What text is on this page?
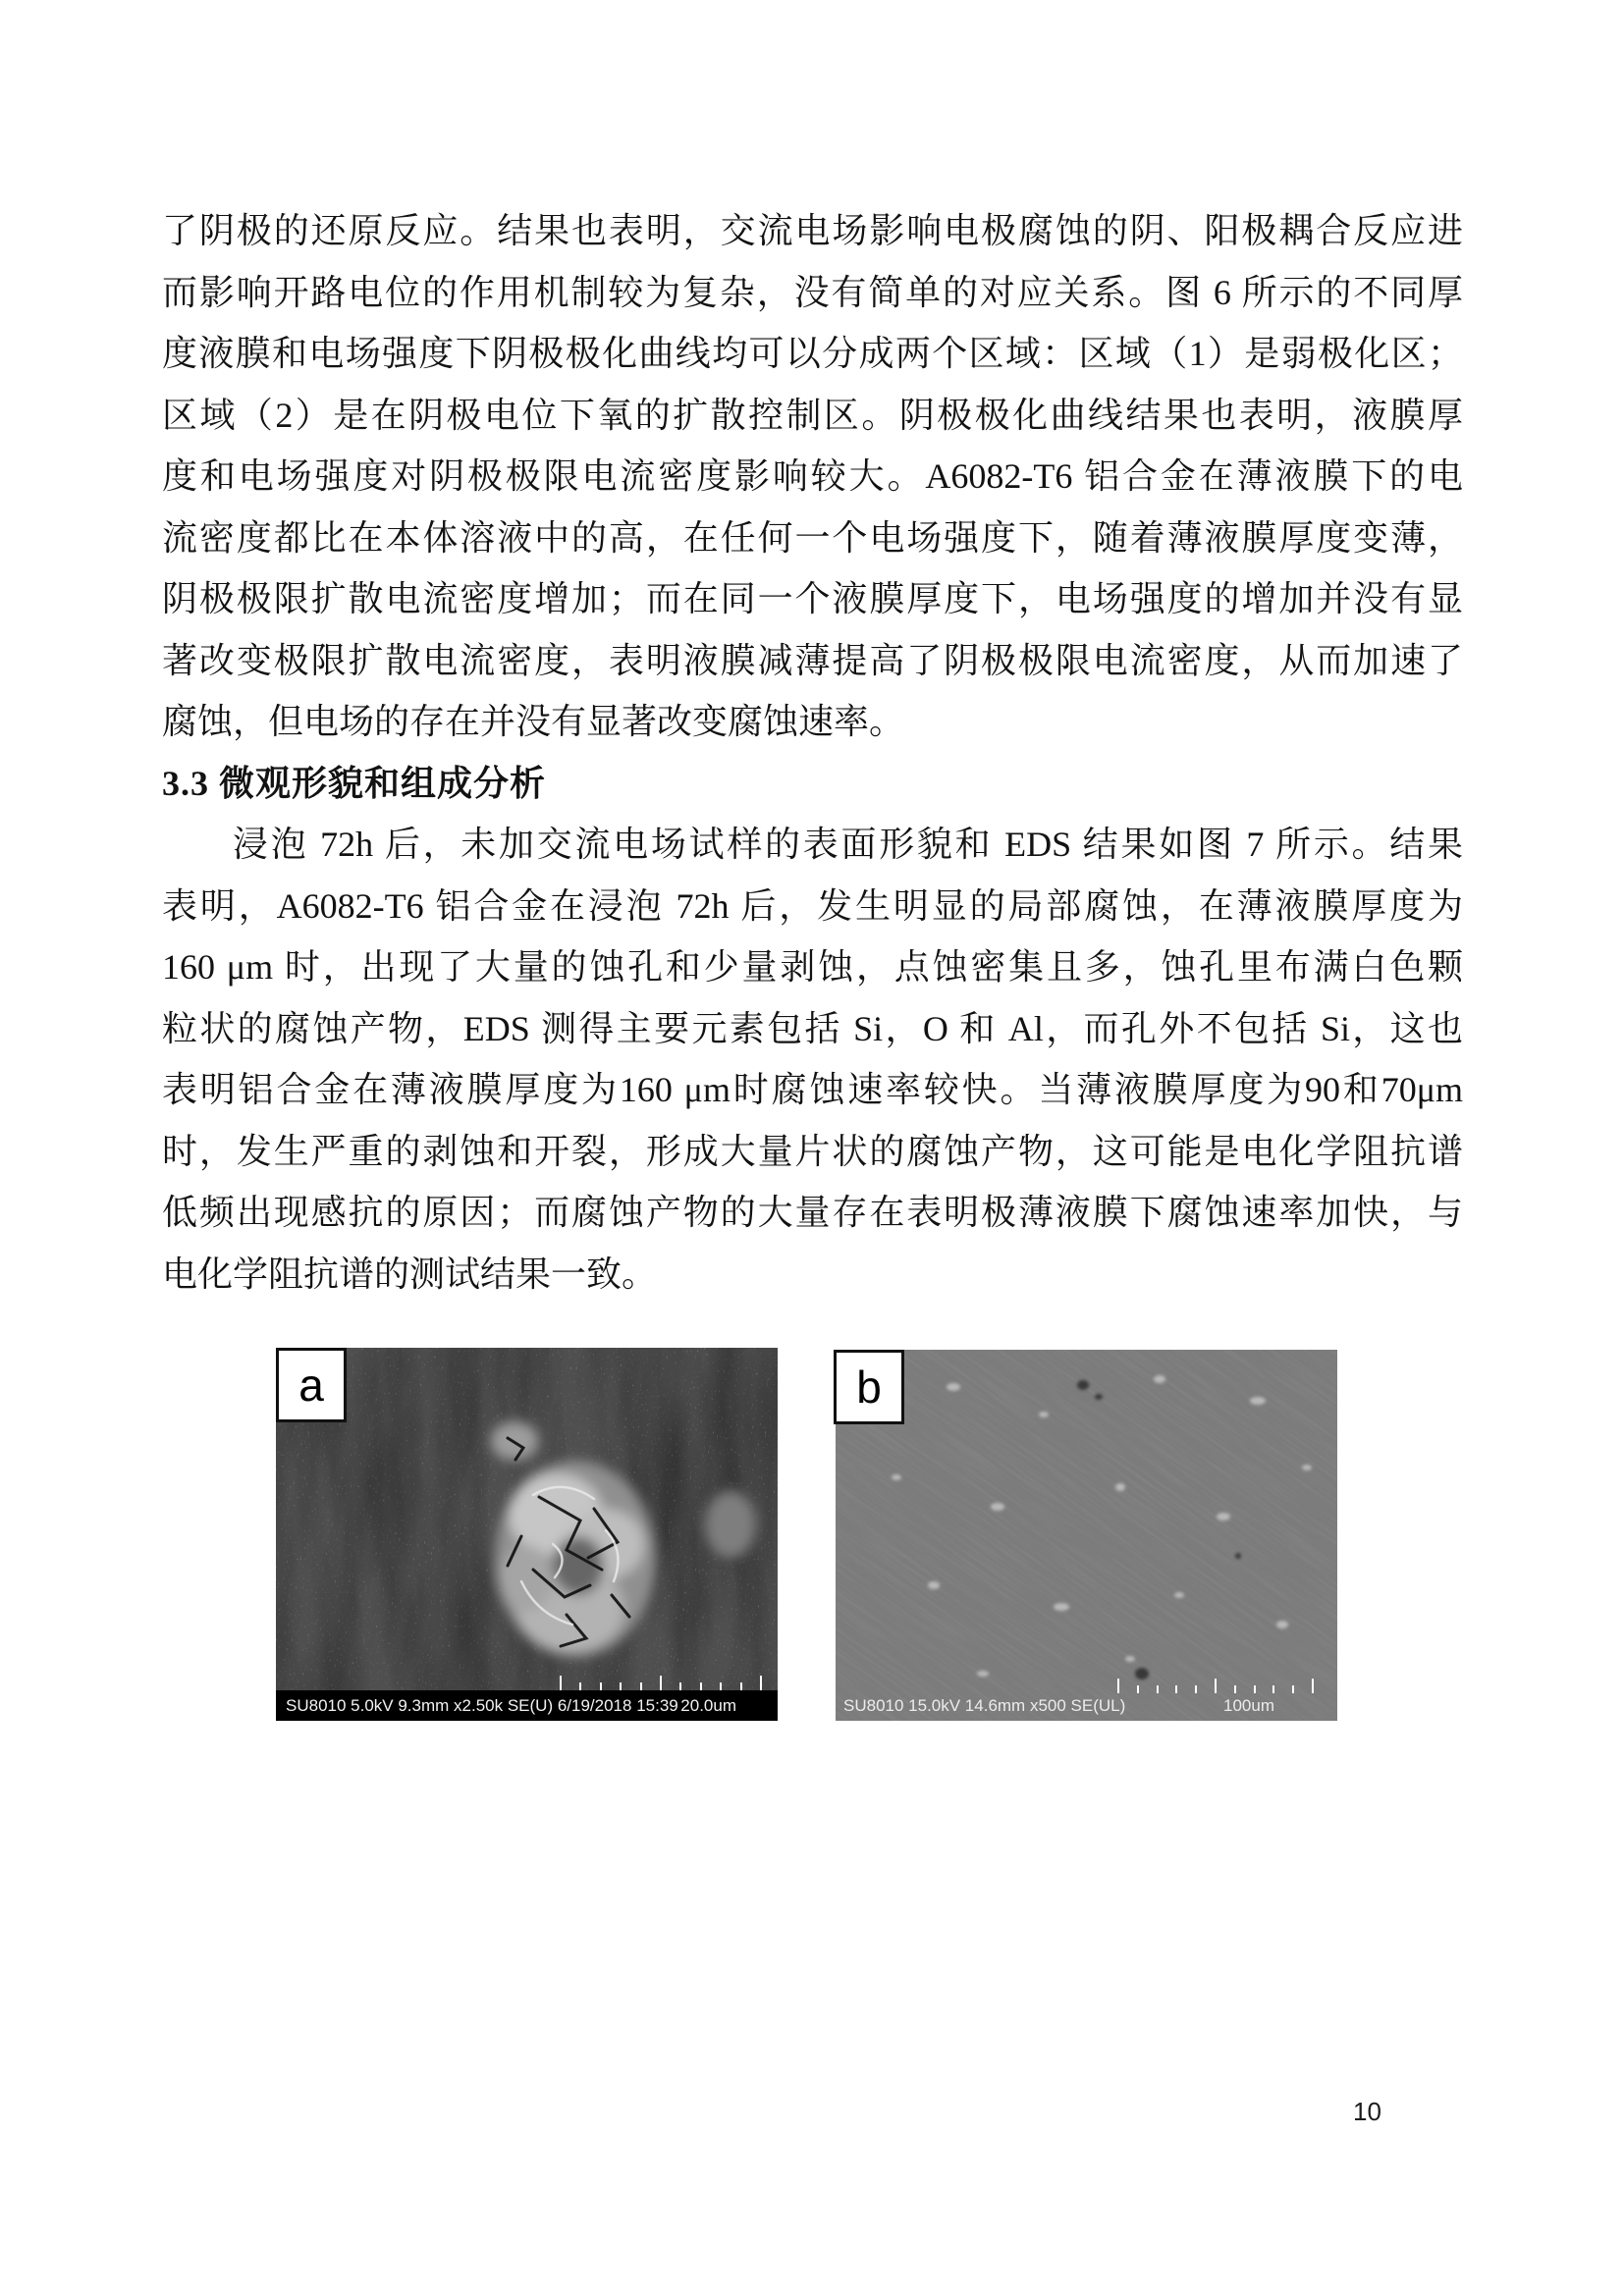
了阴极的还原反应。结果也表明，交流电场影响电极腐蚀的阴、阳极耦合反应进
而影响开路电位的作用机制较为复杂，没有简单的对应关系。图 6 所示的不同厚
度液膜和电场强度下阴极极化曲线均可以分成两个区域：区域（1）是弱极化区；
区域（2）是在阴极电位下氧的扩散控制区。阴极极化曲线结果也表明，液膜厚
度和电场强度对阴极极限电流密度影响较大。A6082-T6 铝合金在薄液膜下的电
流密度都比在本体溶液中的高，在任何一个电场强度下，随着薄液膜厚度变薄，
阴极极限扩散电流密度增加；而在同一个液膜厚度下，电场强度的增加并没有显
著改变极限扩散电流密度，表明液膜减薄提高了阴极极限电流密度，从而加速了
腐蚀，但电场的存在并没有显著改变腐蚀速率。
3.3 微观形貌和组成分析
浸泡 72h 后，未加交流电场试样的表面形貌和 EDS 结果如图 7 所示。结果
表明，A6082-T6 铝合金在浸泡 72h 后，发生明显的局部腐蚀，在薄液膜厚度为
160 μm 时，出现了大量的蚀孔和少量剥蚀，点蚀密集且多，蚀孔里布满白色颗
粒状的腐蚀产物，EDS 测得主要元素包括 Si，O 和 Al，而孔外不包括 Si，这也
表明铝合金在薄液膜厚度为160 μm时腐蚀速率较快。当薄液膜厚度为90和70μm
时，发生严重的剥蚀和开裂，形成大量片状的腐蚀产物，这可能是电化学阻抗谱
低频出现感抗的原因；而腐蚀产物的大量存在表明极薄液膜下腐蚀速率加快，与
电化学阻抗谱的测试结果一致。
SU8010 5.0kV 9.3mm x2.50k SE(U) 6/19/2018 15:39 20.0um	SU8010 15.0kV 14.6mm x500 SE(UL)	100um
a	b
10
